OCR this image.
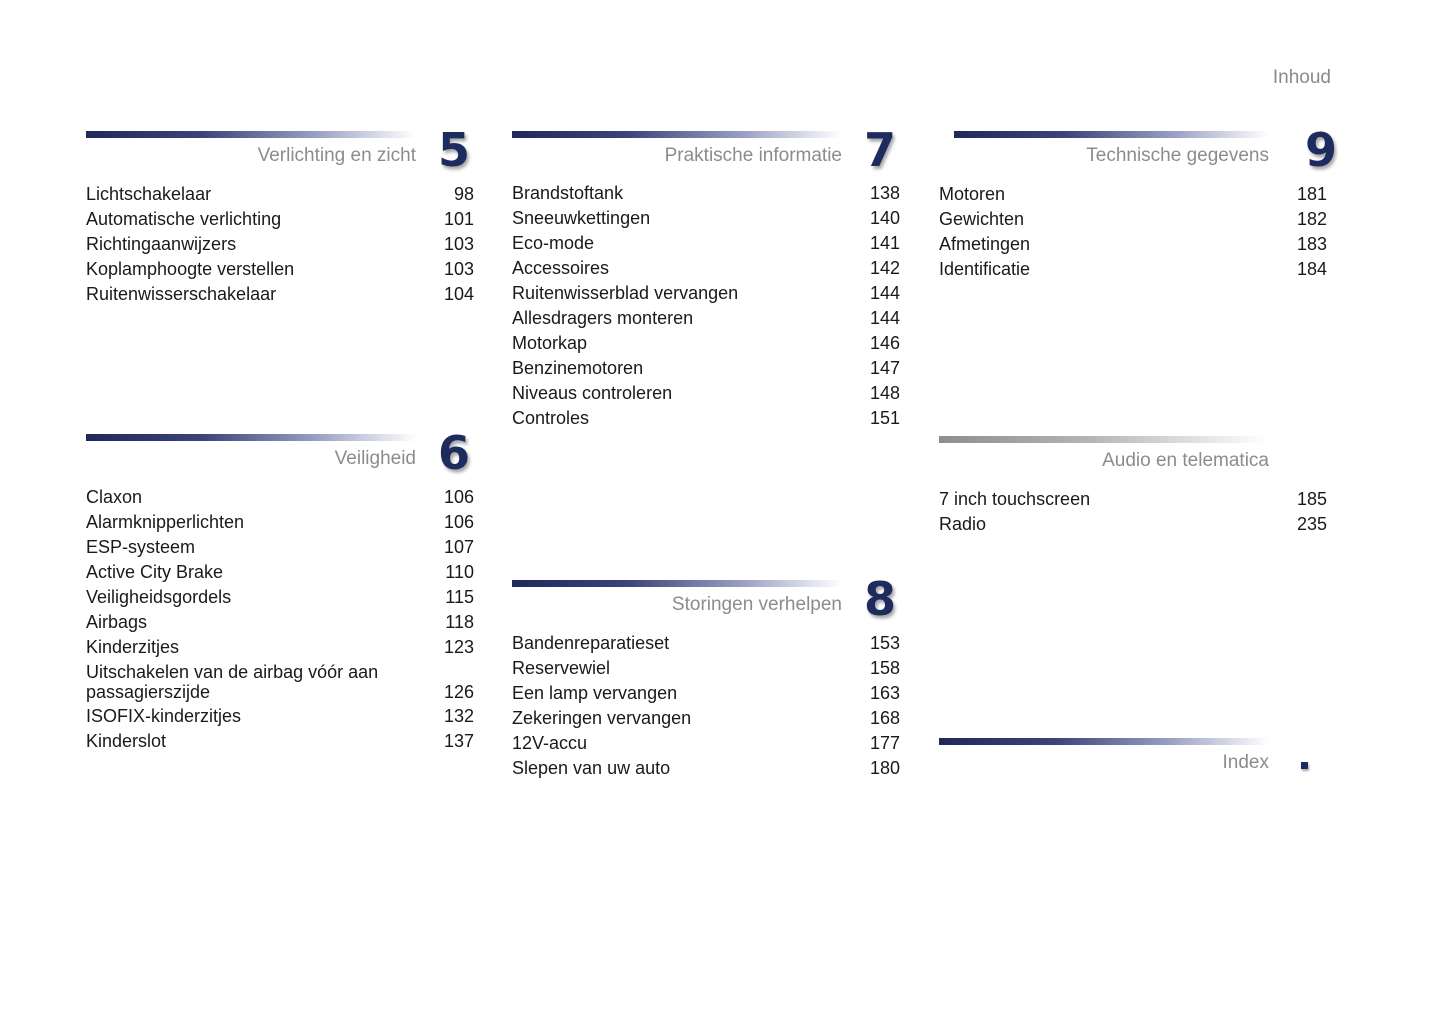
Inhoud
Verlichting en zicht 5
Lichtschakelaar	98
Automatische verlichting	101
Richtingaanwijzers	103
Koplamphoogte verstellen	103
Ruitenwisserschakelaar	104
Veiligheid 6
Claxon	106
Alarmknipperlichten	106
ESP-systeem	107
Active City Brake	110
Veiligheidsgordels	115
Airbags	118
Kinderzitjes	123
Uitschakelen van de airbag vóór aan passagierszijde	126
ISOFIX-kinderzitjes	132
Kinderslot	137
Praktische informatie 7
Brandstoftank	138
Sneeuwkettingen	140
Eco-mode	141
Accessoires	142
Ruitenwisserblad vervangen	144
Allesdragers monteren	144
Motorkap	146
Benzinemotoren	147
Niveaus controleren	148
Controles	151
Storingen verhelpen 8
Bandenreparatieset	153
Reservewiel	158
Een lamp vervangen	163
Zekeringen vervangen	168
12V-accu	177
Slepen van uw auto	180
Technische gegevens 9
Motoren	181
Gewichten	182
Afmetingen	183
Identificatie	184
Audio en telematica
7 inch touchscreen	185
Radio	235
Index
